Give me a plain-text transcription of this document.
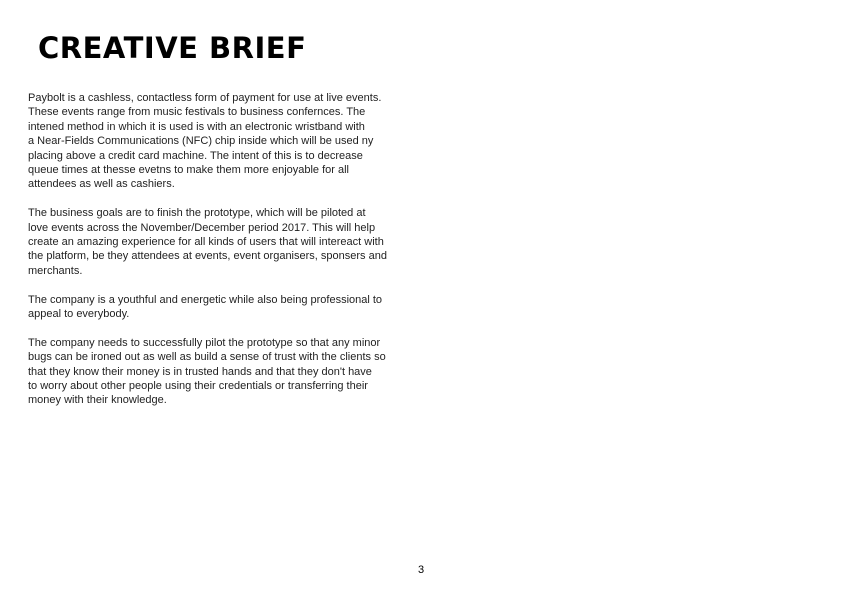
CREATIVE BRIEF

Paybolt is a cashless, contactless form of payment for use at live events.
These events range from music festivals to business confernces. The
intened method in which it is used is with an electronic wristband with
a Near-Fields Communications (NFC) chip inside which will be used ny
placing above a credit card machine. The intent of this is to decrease
queue times at thesse evetns to make them more enjoyable for all
attendees as well as cashiers.

The business goals are to finish the prototype, which will be piloted at
love events across the November/December period 2017. This will help
create an amazing experience for all kinds of users that will intereact with
the platform, be they attendees at events, event organisers, sponsers and
merchants.

The company is a youthful and energetic while also being professional to
appeal to everybody.

The company needs to successfully pilot the prototype so that any minor
bugs can be ironed out as well as build a sense of trust with the clients so
that they know their money is in trusted hands and that they don't have
to worry about other people using their credentials or transferring their
money with their knowledge.

3
